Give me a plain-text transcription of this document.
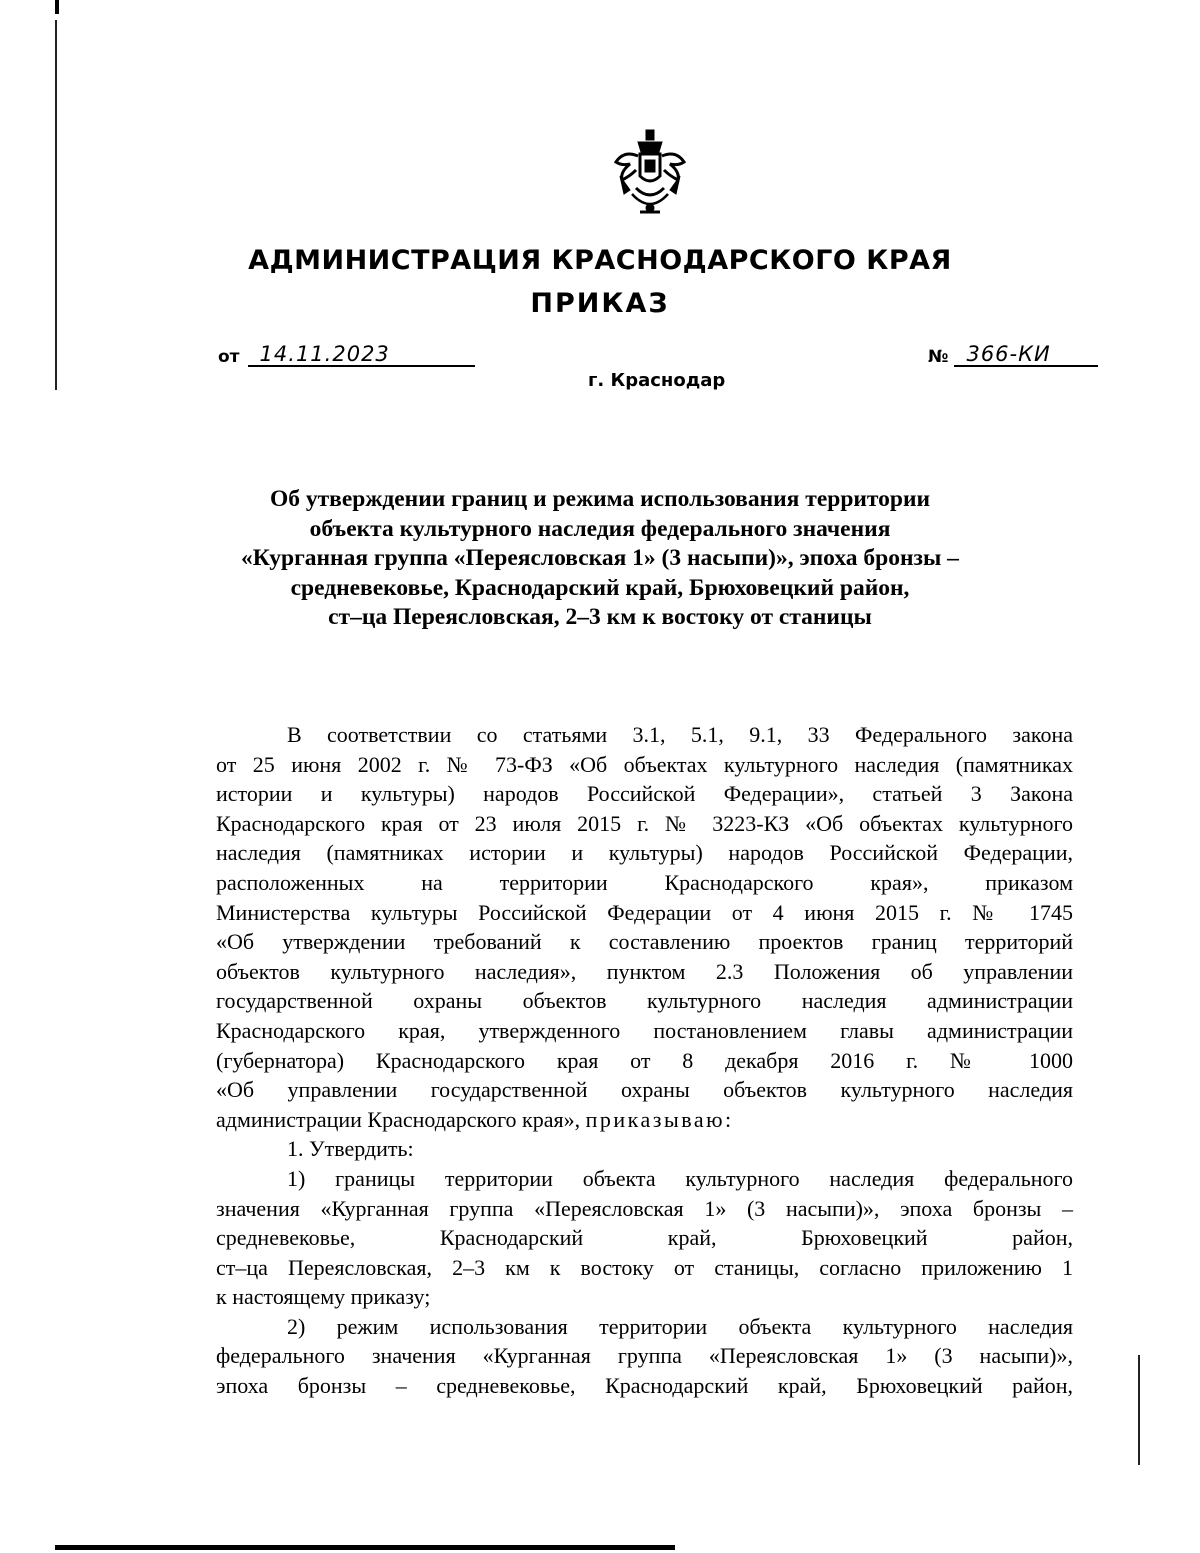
АДМИНИСТРАЦИЯ КРАСНОДАРСКОГО КРАЯ
ПРИКАЗ
от 14.11.2023	№ 366-КИ
г. Краснодар
Об утверждении границ и режима использования территории
объекта культурного наследия федерального значения
«Курганная группа «Переясловская 1» (3 насыпи)», эпоха бронзы –
средневековье, Краснодарский край, Брюховецкий район,
ст–ца Переясловская, 2–3 км к востоку от станицы
В соответствии со статьями 3.1, 5.1, 9.1, 33 Федерального закона
от 25 июня 2002 г. № 73-ФЗ «Об объектах культурного наследия (памятниках
истории и культуры) народов Российской Федерации», статьей 3 Закона
Краснодарского края от 23 июля 2015 г. № 3223-КЗ «Об объектах культурного
наследия (памятниках истории и культуры) народов Российской Федерации,
расположенных на территории Краснодарского края», приказом
Министерства культуры Российской Федерации от 4 июня 2015 г. № 1745
«Об утверждении требований к составлению проектов границ территорий
объектов культурного наследия», пунктом 2.3 Положения об управлении
государственной охраны объектов культурного наследия администрации
Краснодарского края, утвержденного постановлением главы администрации
(губернатора) Краснодарского края от 8 декабря 2016 г. № 1000
«Об управлении государственной охраны объектов культурного наследия
администрации Краснодарского края», приказываю:
1. Утвердить:
1) границы территории объекта культурного наследия федерального
значения «Курганная группа «Переясловская 1» (3 насыпи)», эпоха бронзы –
средневековье, Краснодарский край, Брюховецкий район,
ст–ца Переясловская, 2–3 км к востоку от станицы, согласно приложению 1
к настоящему приказу;
2) режим использования территории объекта культурного наследия
федерального значения «Курганная группа «Переясловская 1» (3 насыпи)»,
эпоха бронзы – средневековье, Краснодарский край, Брюховецкий район,
